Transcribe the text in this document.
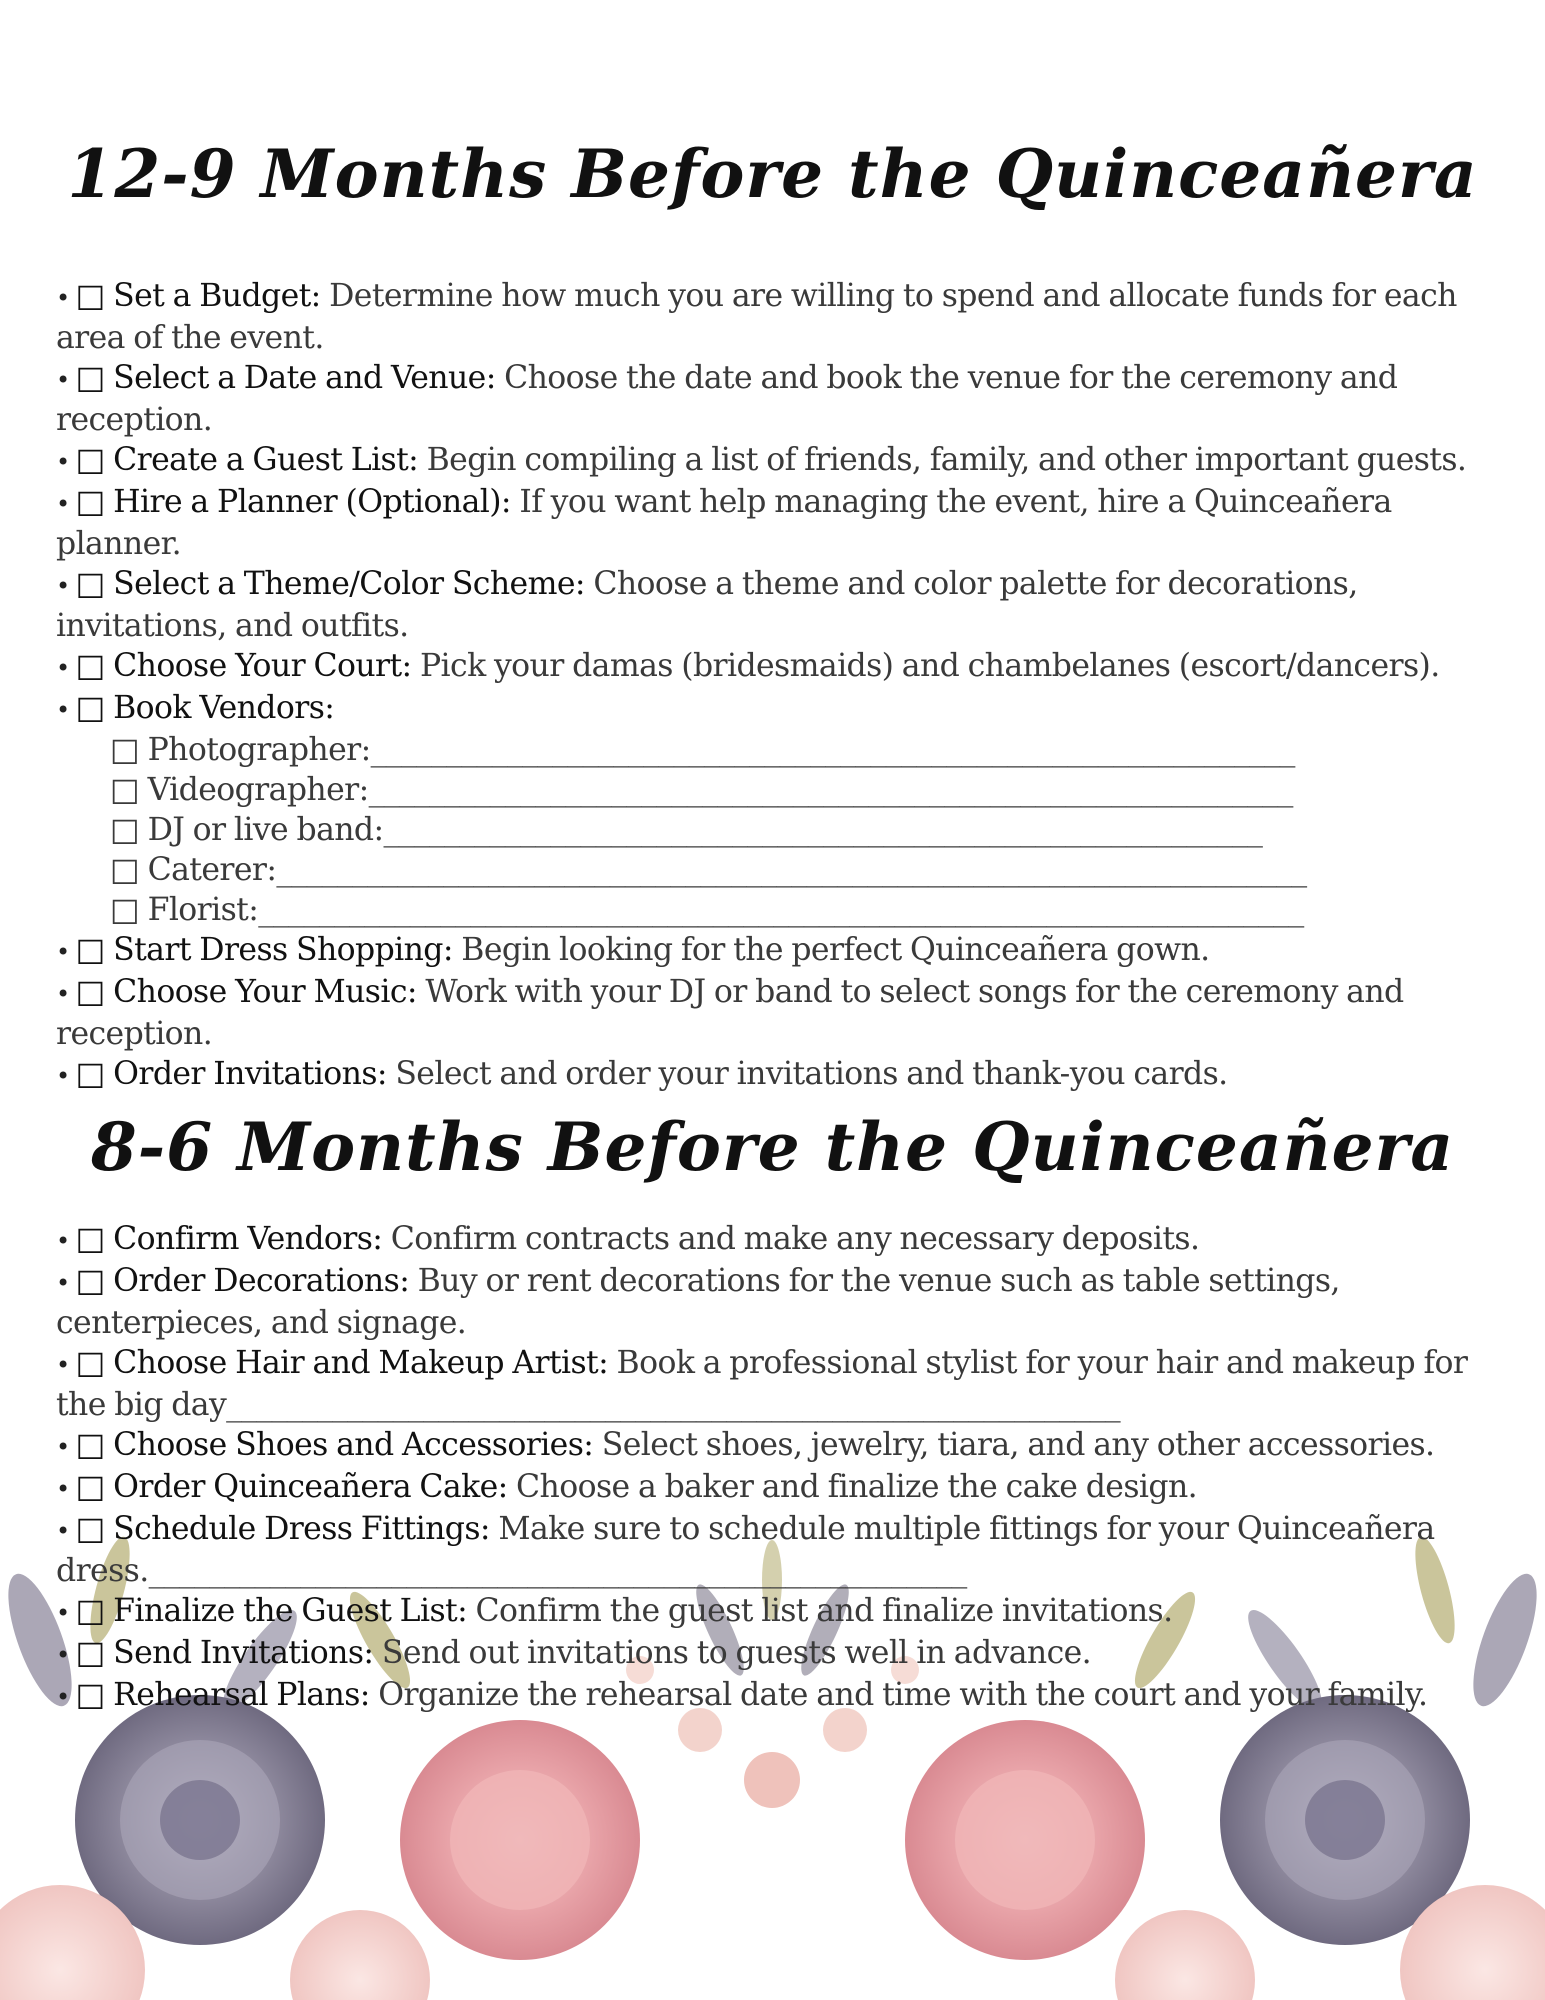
12-9 Months Before the Quinceañera
• □ Set a Budget: Determine how much you are willing to spend and allocate funds for each area of the event.
• □ Select a Date and Venue: Choose the date and book the venue for the ceremony and reception.
• □ Create a Guest List: Begin compiling a list of friends, family, and other important guests.
• □ Hire a Planner (Optional): If you want help managing the event, hire a Quinceañera planner.
• □ Select a Theme/Color Scheme: Choose a theme and color palette for decorations, invitations, and outfits.
• □ Choose Your Court: Pick your damas (bridesmaids) and chambelanes (escort/dancers).
• □ Book Vendors:
□ Photographer:_____________________________________________________________
□ Videographer:_____________________________________________________________
□ DJ or live band:__________________________________________________________
□ Caterer:____________________________________________________________________
□ Florist:_____________________________________________________________________
• □ Start Dress Shopping: Begin looking for the perfect Quinceañera gown.
• □ Choose Your Music: Work with your DJ or band to select songs for the ceremony and reception.
• □ Order Invitations: Select and order your invitations and thank-you cards.
8-6 Months Before the Quinceañera
• □ Confirm Vendors: Confirm contracts and make any necessary deposits.
• □ Order Decorations: Buy or rent decorations for the venue such as table settings, centerpieces, and signage.
• □ Choose Hair and Makeup Artist: Book a professional stylist for your hair and makeup for the big day___________________________________________________________
• □ Choose Shoes and Accessories: Select shoes, jewelry, tiara, and any other accessories.
• □ Order Quinceañera Cake: Choose a baker and finalize the cake design.
• □ Schedule Dress Fittings: Make sure to schedule multiple fittings for your Quinceañera dress.______________________________________________________
• □ Finalize the Guest List: Confirm the guest list and finalize invitations.
• □ Send Invitations: Send out invitations to guests well in advance.
• □ Rehearsal Plans: Organize the rehearsal date and time with the court and your family.
